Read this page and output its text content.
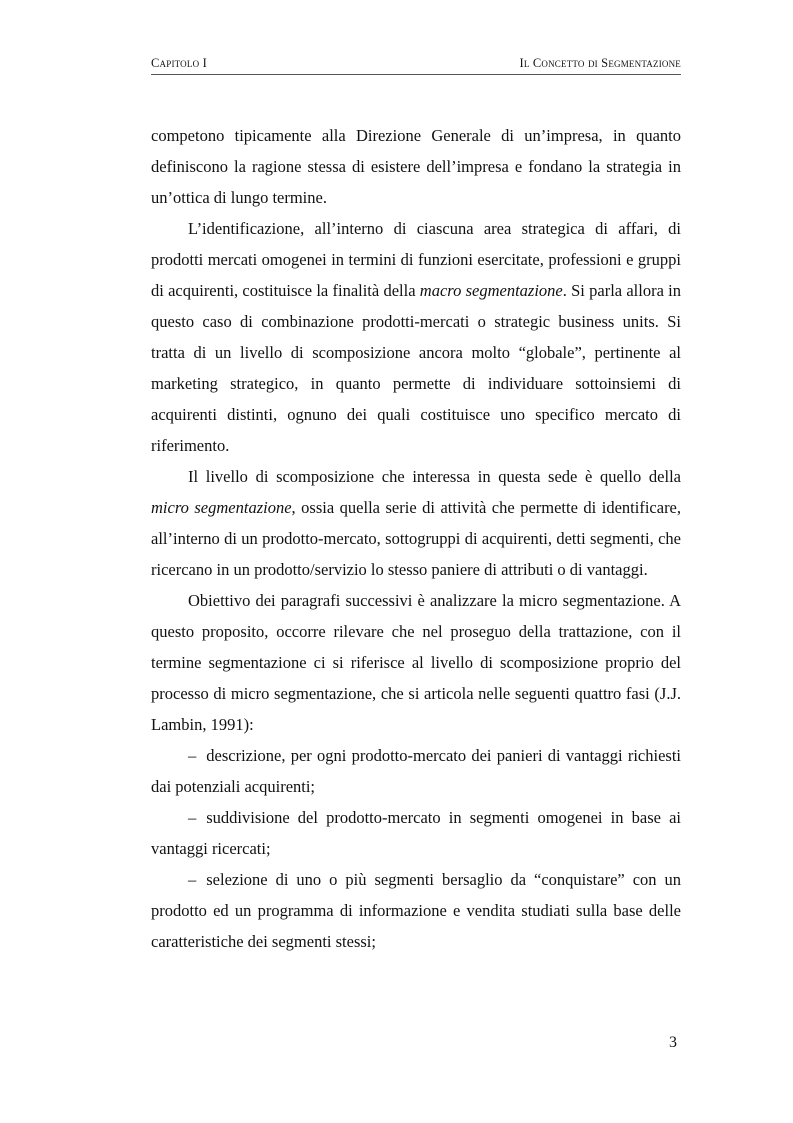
Capitolo I	Il Concetto di Segmentazione

competono tipicamente alla Direzione Generale di un’impresa, in quanto definiscono la ragione stessa di esistere dell’impresa e fondano la strategia in un’ottica di lungo termine.

L’identificazione, all’interno di ciascuna area strategica di affari, di prodotti mercati omogenei in termini di funzioni esercitate, professioni e gruppi di acquirenti, costituisce la finalità della macro segmentazione. Si parla allora in questo caso di combinazione prodotti-mercati o strategic business units. Si tratta di un livello di scomposizione ancora molto “globale”, pertinente al marketing strategico, in quanto permette di individuare sottoinsiemi di acquirenti distinti, ognuno dei quali costituisce uno specifico mercato di riferimento.

Il livello di scomposizione che interessa in questa sede è quello della micro segmentazione, ossia quella serie di attività che permette di identificare, all’interno di un prodotto-mercato, sottogruppi di acquirenti, detti segmenti, che ricercano in un prodotto/servizio lo stesso paniere di attributi o di vantaggi.

Obiettivo dei paragrafi successivi è analizzare la micro segmentazione. A questo proposito, occorre rilevare che nel proseguo della trattazione, con il termine segmentazione ci si riferisce al livello di scomposizione proprio del processo di micro segmentazione, che si articola nelle seguenti quattro fasi (J.J. Lambin, 1991):

– descrizione, per ogni prodotto-mercato dei panieri di vantaggi richiesti dai potenziali acquirenti;

– suddivisione del prodotto-mercato in segmenti omogenei in base ai vantaggi ricercati;

– selezione di uno o più segmenti bersaglio da “conquistare” con un prodotto ed un programma di informazione e vendita studiati sulla base delle caratteristiche dei segmenti stessi;

3
